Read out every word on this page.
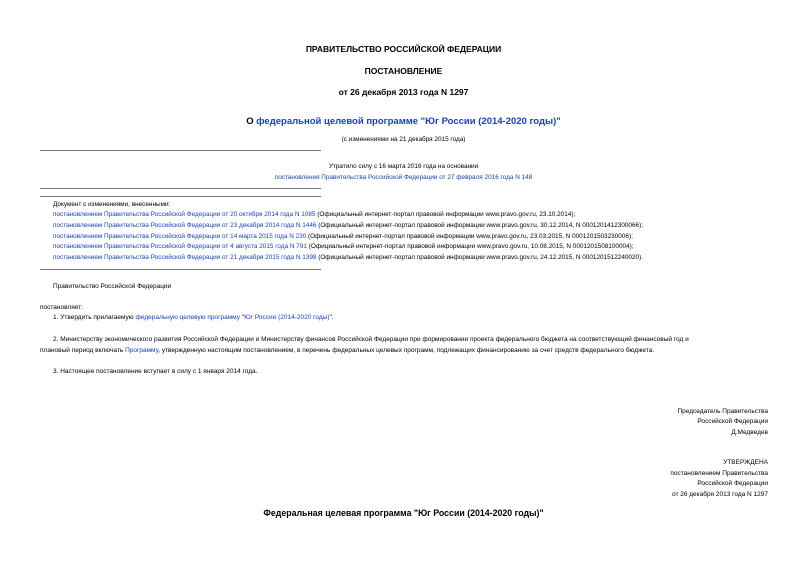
ПРАВИТЕЛЬСТВО РОССИЙСКОЙ ФЕДЕРАЦИИ
ПОСТАНОВЛЕНИЕ
от 26 декабря 2013 года N 1297
О федеральной целевой программе "Юг России (2014-2020 годы)"
(с изменениями на 21 декабря 2015 года)
Утратило силу с 16 марта 2016 года на основании
постановления Правительства Российской Федерации от 27 февраля 2016 года N 148
Документ с изменениями, внесенными:
постановлением Правительства Российской Федерации от 20 октября 2014 года N 1085 (Официальный интернет-портал правовой информации www.pravo.gov.ru, 23.10.2014);
постановлением Правительства Российской Федерации от 23 декабря 2014 года N 1446 (Официальный интернет-портал правовой информации www.pravo.gov.ru, 30.12.2014, N 0001201412300066);
постановлением Правительства Российской Федерации от 14 марта 2015 года N 230 (Официальный интернет-портал правовой информации www.pravo.gov.ru, 23.03.2015, N 0001201503230006);
постановлением Правительства Российской Федерации от 4 августа 2015 года N 791 (Официальный интернет-портал правовой информации www.pravo.gov.ru, 10.08.2015, N 0001201508100004);
постановлением Правительства Российской Федерации от 21 декабря 2015 года N 1398 (Официальный интернет-портал правовой информации www.pravo.gov.ru, 24.12.2015, N 0001201512240020).
Правительство Российской Федерации
постановляет:
1. Утвердить прилагаемую федеральную целевую программу "Юг России (2014-2020 годы)".
2. Министерству экономического развития Российской Федерации и Министерству финансов Российской Федерации при формировании проекта федерального бюджета на соответствующий финансовый год и
плановый период включать Программу, утвержденную настоящим постановлением, в перечень федеральных целевых программ, подлежащих финансированию за счет средств федерального бюджета.
3. Настоящее постановление вступает в силу с 1 января 2014 года.
Председатель Правительства
Российской Федерации
Д.Медведев
УТВЕРЖДЕНА
постановлением Правительства
Российской Федерации
от 26 декабря 2013 года N 1297
Федеральная целевая программа "Юг России (2014-2020 годы)"
